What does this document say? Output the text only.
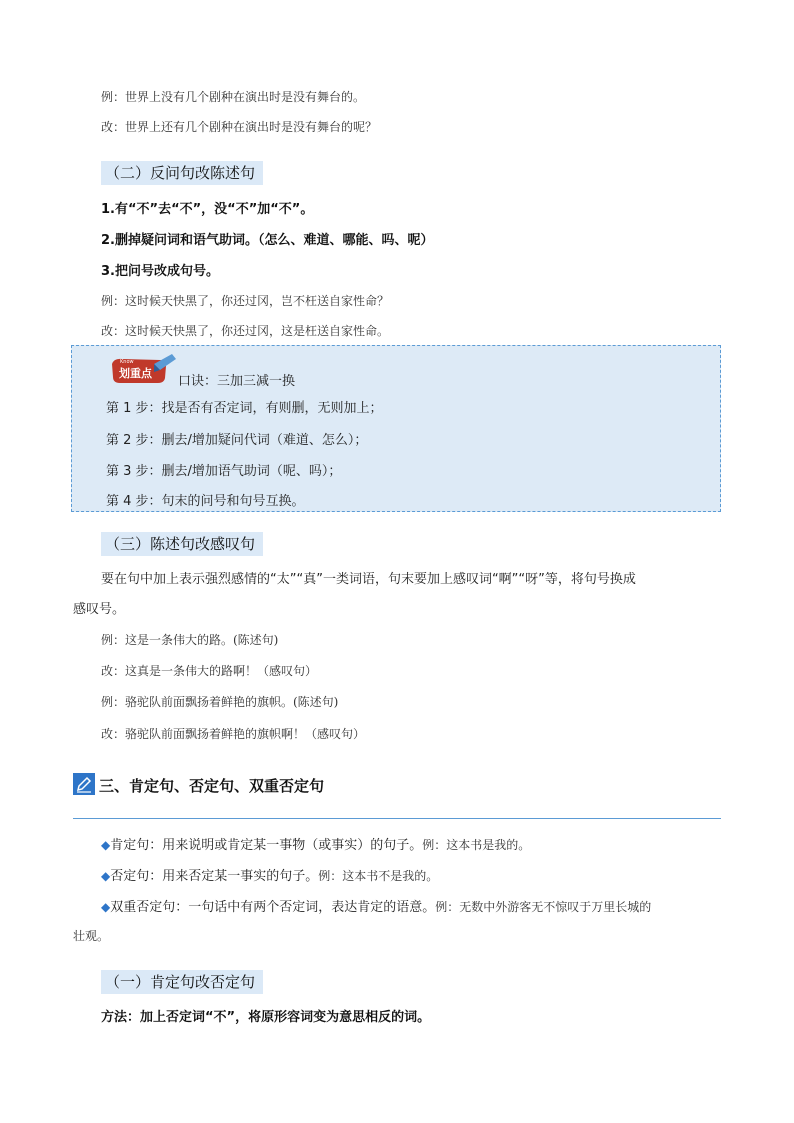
例：世界上没有几个剧种在演出时是没有舞台的。
改：世界上还有几个剧种在演出时是没有舞台的呢？
（二）反问句改陈述句
1.有“不”去“不”，没“不”加“不”。
2.删掉疑问词和语气助词。（怎么、难道、哪能、吗、呢）
3.把问号改成句号。
例：这时候天快黑了，你还过冈，岂不枉送自家性命？
改：这时候天快黑了，你还过冈，这是枉送自家性命。
Know
划重点
口诀：三加三减一换
第 1 步：找是否有否定词，有则删，无则加上；
第 2 步：删去/增加疑问代词（难道、怎么）；
第 3 步：删去/增加语气助词（呢、吗）；
第 4 步：句末的问号和句号互换。
（三）陈述句改感叹句
要在句中加上表示强烈感情的“太”“真”一类词语，句末要加上感叹词“啊”“呀”等，将句号换成
感叹号。
例：这是一条伟大的路。(陈述句)
改：这真是一条伟大的路啊！（感叹句）
例：骆驼队前面飘扬着鲜艳的旗帜。(陈述句)
改：骆驼队前面飘扬着鲜艳的旗帜啊！（感叹句）
三、肯定句、否定句、双重否定句
◆肯定句：用来说明或肯定某一事物（或事实）的句子。例：这本书是我的。
◆否定句：用来否定某一事实的句子。例：这本书不是我的。
◆双重否定句：一句话中有两个否定词，表达肯定的语意。例：无数中外游客无不惊叹于万里长城的
壮观。
（一）肯定句改否定句
方法：加上否定词“不”，将原形容词变为意思相反的词。
